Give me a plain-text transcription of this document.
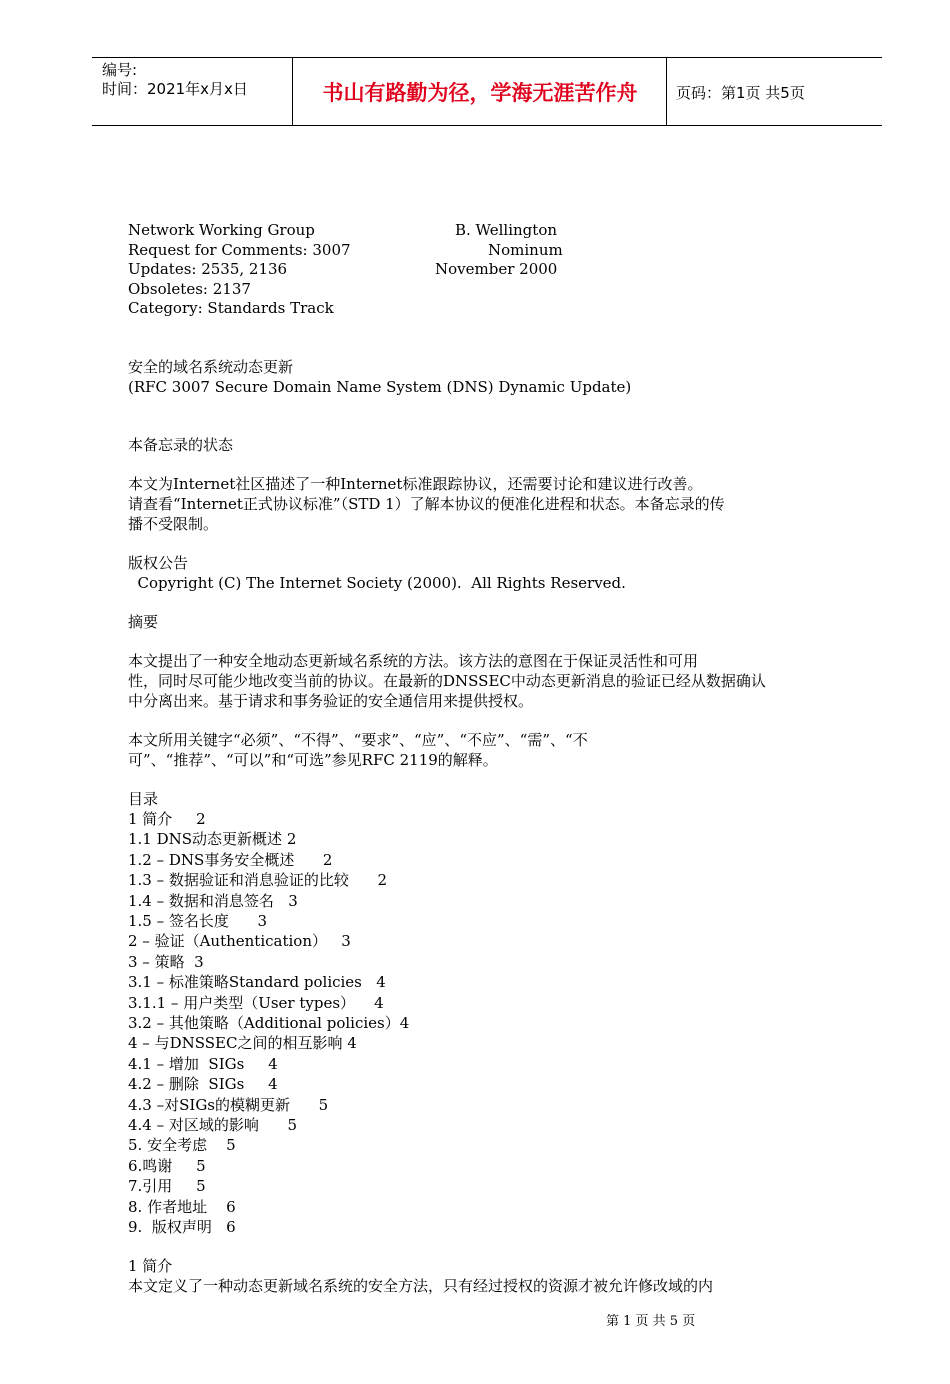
编号:
时间：2021年x月x日	书山有路勤为径，学海无涯苦作舟	页码：第1页 共5页
Network Working Group	B. Wellington
Request for Comments: 3007	Nominum
Updates: 2535, 2136	November 2000
Obsoletes: 2137
Category: Standards Track
安全的域名系统动态更新
(RFC 3007 Secure Domain Name System (DNS) Dynamic Update)
本备忘录的状态
本文为Internet社区描述了一种Internet标准跟踪协议，还需要讨论和建议进行改善。
请查看“Internet正式协议标准”（STD 1）了解本协议的便准化进程和状态。本备忘录的传
播不受限制。
版权公告
Copyright (C) The Internet Society (2000).  All Rights Reserved.
摘要
本文提出了一种安全地动态更新域名系统的方法。该方法的意图在于保证灵活性和可用
性，同时尽可能少地改变当前的协议。在最新的DNSSEC中动态更新消息的验证已经从数据确认
中分离出来。基于请求和事务验证的安全通信用来提供授权。
本文所用关键字“必须”、“不得”、“要求”、“应”、“不应”、“需”、“不
可”、“推荐”、“可以”和“可选”参见RFC 2119的解释。
目录
1 简介     2
1.1 DNS动态更新概述 2
1.2 – DNS事务安全概述      2
1.3 – 数据验证和消息验证的比较      2
1.4 – 数据和消息签名   3
1.5 – 签名长度      3
2 – 验证（Authentication）   3
3 – 策略  3
3.1 – 标准策略Standard policies   4
3.1.1 – 用户类型（User types）    4
3.2 – 其他策略（Additional policies）4
4 – 与DNSSEC之间的相互影响 4
4.1 – 增加  SIGs     4
4.2 – 删除  SIGs     4
4.3 –对SIGs的模糊更新      5
4.4 – 对区域的影响      5
5. 安全考虑    5
6.鸣谢     5
7.引用     5
8. 作者地址    6
9.  版权声明   6
1 简介
本文定义了一种动态更新域名系统的安全方法，只有经过授权的资源才被允许修改域的内
第 1 页 共 5 页
